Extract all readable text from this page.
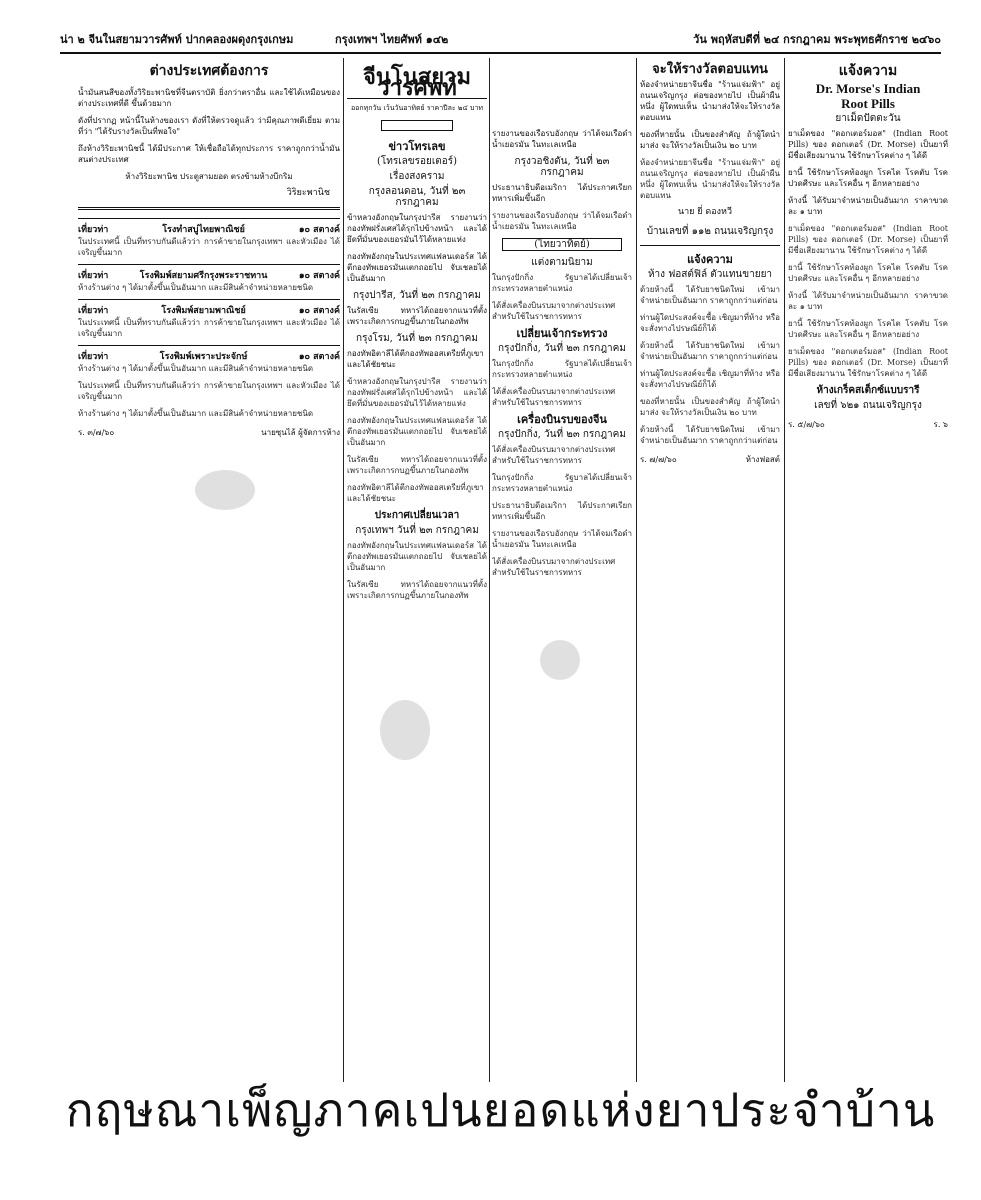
น่า ๒ จีนในสยามวารศัพท์ ปากคลองผดุงกรุงเกษม	กรุงเทพฯ ไทยศัพท์ ๑๔๒	วัน พฤหัสบดีที่ ๒๔ กรกฎาคม พระพุทธศักราช ๒๔๖๐
ต่างประเทศต้องการ

น้ำมันสนสีของทั้งวิริยะพานิชที่จีนตราบัติ ยิ่งกว่าตราอื่น และใช้ได้เหมือนของต่างประเทศที่ดี ขึ้นด้วยมาก

ดังที่ปรากฏ หน้านี้ในห้างของเรา ดังที่ให้ตรวจดูแล้ว ว่ามีคุณภาพดีเยี่ยม ตามที่ว่า "ได้รับรางวัลเป็นที่พอใจ"

ถึงห้างวิริยะพานิชนี้ ได้มีประกาศ ให้เชื่อถือได้ทุกประการ ราคาถูกกว่าน้ำมันสนต่างประเทศ

ห้างวิริยะพานิช ประตูสามยอด ตรงข้ามห้างบีกริม

วิริยะพานิช
เที่ยวท่า	โรงทำสบู่ไทยพาณิชย์	๑๐ สตางค์

ในประเทศนี้ เป็นที่ทราบกันดีแล้วว่า การค้าขายในกรุงเทพฯ และหัวเมือง ได้เจริญขึ้นมาก

เที่ยวท่า	โรงพิมพ์สยามศรีกรุงพระราชทาน	๑๐ สตางค์

ห้างร้านต่าง ๆ ได้มาตั้งขึ้นเป็นอันมาก และมีสินค้าจำหน่ายหลายชนิด

เที่ยวท่า	โรงพิมพ์สยามพาณิชย์	๑๐ สตางค์

ในประเทศนี้ เป็นที่ทราบกันดีแล้วว่า การค้าขายในกรุงเทพฯ และหัวเมือง ได้เจริญขึ้นมาก

เที่ยวท่า	โรงพิมพ์เพราะประจักษ์	๑๐ สตางค์

ห้างร้านต่าง ๆ ได้มาตั้งขึ้นเป็นอันมาก และมีสินค้าจำหน่ายหลายชนิด

ในประเทศนี้ เป็นที่ทราบกันดีแล้วว่า การค้าขายในกรุงเทพฯ และหัวเมือง ได้เจริญขึ้นมาก

ห้างร้านต่าง ๆ ได้มาตั้งขึ้นเป็นอันมาก และมีสินค้าจำหน่ายหลายชนิด

ร. ๓/๗/๖๐	นายซุนไล้ ผู้จัดการห้าง
จีนโนสยามวารศัพท์
ออกทุกวัน เว้นวันอาทิตย์ ราคาปีละ ๒๔ บาท
ข่าวโทรเลข
(โทรเลขรอยเตอร์)
เรื่องสงคราม
กรุงลอนดอน, วันที่ ๒๓ กรกฎาคม

ข้าหลวงอังกฤษในกรุงปารีส รายงานว่า กองทัพฝรั่งเศสได้รุกไปข้างหน้า และได้ยึดที่มั่นของเยอรมันไว้ได้หลายแห่ง

กองทัพอังกฤษในประเทศแฟลนเดอร์ส ได้ตีกองทัพเยอรมันแตกถอยไป จับเชลยได้เป็นอันมาก

กรุงปารีส, วันที่ ๒๓ กรกฎาคม

ในรัสเซีย ทหารได้ถอยจากแนวที่ตั้ง เพราะเกิดการกบฏขึ้นภายในกองทัพ

กรุงโรม, วันที่ ๒๓ กรกฎาคม

กองทัพอิตาลีได้ตีกองทัพออสเตรียที่ภูเขา และได้ชัยชนะ

ข้าหลวงอังกฤษในกรุงปารีส รายงานว่า กองทัพฝรั่งเศสได้รุกไปข้างหน้า และได้ยึดที่มั่นของเยอรมันไว้ได้หลายแห่ง

กองทัพอังกฤษในประเทศแฟลนเดอร์ส ได้ตีกองทัพเยอรมันแตกถอยไป จับเชลยได้เป็นอันมาก

ในรัสเซีย ทหารได้ถอยจากแนวที่ตั้ง เพราะเกิดการกบฏขึ้นภายในกองทัพ

กองทัพอิตาลีได้ตีกองทัพออสเตรียที่ภูเขา และได้ชัยชนะ

ประกาศเปลี่ยนเวลา
กรุงเทพฯ วันที่ ๒๓ กรกฎาคม

กองทัพอังกฤษในประเทศแฟลนเดอร์ส ได้ตีกองทัพเยอรมันแตกถอยไป จับเชลยได้เป็นอันมาก

ในรัสเซีย ทหารได้ถอยจากแนวที่ตั้ง เพราะเกิดการกบฏขึ้นภายในกองทัพ

รายงานของเรือรบอังกฤษ ว่าได้จมเรือดำน้ำเยอรมัน ในทะเลเหนือ

กรุงวอชิงตัน, วันที่ ๒๓ กรกฎาคม

ประธานาธิบดีอเมริกา ได้ประกาศเรียกทหารเพิ่มขึ้นอีก

รายงานของเรือรบอังกฤษ ว่าได้จมเรือดำน้ำเยอรมัน ในทะเลเหนือ

(ไทยวาทิตย์)
แต่งตามนิยาม

ในกรุงปักกิ่ง รัฐบาลได้เปลี่ยนเจ้ากระทรวงหลายตำแหน่ง

ได้สั่งเครื่องบินรบมาจากต่างประเทศ สำหรับใช้ในราชการทหาร

เปลี่ยนเจ้ากระทรวง
กรุงปักกิ่ง, วันที่ ๒๓ กรกฎาคม

ในกรุงปักกิ่ง รัฐบาลได้เปลี่ยนเจ้ากระทรวงหลายตำแหน่ง

ได้สั่งเครื่องบินรบมาจากต่างประเทศ สำหรับใช้ในราชการทหาร

เครื่องบินรบของจีน
กรุงปักกิ่ง, วันที่ ๒๓ กรกฎาคม

ได้สั่งเครื่องบินรบมาจากต่างประเทศ สำหรับใช้ในราชการทหาร

ในกรุงปักกิ่ง รัฐบาลได้เปลี่ยนเจ้ากระทรวงหลายตำแหน่ง

ประธานาธิบดีอเมริกา ได้ประกาศเรียกทหารเพิ่มขึ้นอีก

รายงานของเรือรบอังกฤษ ว่าได้จมเรือดำน้ำเยอรมัน ในทะเลเหนือ

ได้สั่งเครื่องบินรบมาจากต่างประเทศ สำหรับใช้ในราชการทหาร

จะให้รางวัลตอบแทน

ห้องจำหน่ายยาจีนชื่อ "ร้านแจ่มฟ้า" อยู่ถนนเจริญกรุง ต่อของหายไป เป็นผ้าผืนหนึ่ง ผู้ใดพบเห็น นำมาส่งให้จะให้รางวัลตอบแทน

ของที่หายนั้น เป็นของสำคัญ ถ้าผู้ใดนำมาส่ง จะให้รางวัลเป็นเงิน ๒๐ บาท

ห้องจำหน่ายยาจีนชื่อ "ร้านแจ่มฟ้า" อยู่ถนนเจริญกรุง ต่อของหายไป เป็นผ้าผืนหนึ่ง ผู้ใดพบเห็น นำมาส่งให้จะให้รางวัลตอบแทน

นาย ยี่ ดองหวี
บ้านเลขที่ ๑๑๒ ถนนเจริญกรุง
แจ้งความ
ห้าง ฟอสต์ฟิล์ ตัวแทนขายยา

ด้วยห้างนี้ ได้รับยาชนิดใหม่ เข้ามาจำหน่ายเป็นอันมาก ราคาถูกกว่าแต่ก่อน

ท่านผู้ใดประสงค์จะซื้อ เชิญมาที่ห้าง หรือจะสั่งทางไปรษณีย์ก็ได้

ด้วยห้างนี้ ได้รับยาชนิดใหม่ เข้ามาจำหน่ายเป็นอันมาก ราคาถูกกว่าแต่ก่อน

ท่านผู้ใดประสงค์จะซื้อ เชิญมาที่ห้าง หรือจะสั่งทางไปรษณีย์ก็ได้

ของที่หายนั้น เป็นของสำคัญ ถ้าผู้ใดนำมาส่ง จะให้รางวัลเป็นเงิน ๒๐ บาท

ด้วยห้างนี้ ได้รับยาชนิดใหม่ เข้ามาจำหน่ายเป็นอันมาก ราคาถูกกว่าแต่ก่อน

ร. ๗/๗/๖๐	ห้างฟอสต์
แจ้งความ
Dr. Morse's Indian
Root Pills
ยาเม็ดปัตตะวัน

ยาเม็ดของ "ดอกเตอร์มอส" (Indian Root Pills) ของ ดอกเตอร์ (Dr. Morse) เป็นยาที่มีชื่อเสียงมานาน ใช้รักษาโรคต่าง ๆ ได้ดี

ยานี้ ใช้รักษาโรคท้องผูก โรคไต โรคตับ โรคปวดศีรษะ และโรคอื่น ๆ อีกหลายอย่าง

ห้างนี้ ได้รับมาจำหน่ายเป็นอันมาก ราคาขวดละ ๑ บาท

ยาเม็ดของ "ดอกเตอร์มอส" (Indian Root Pills) ของ ดอกเตอร์ (Dr. Morse) เป็นยาที่มีชื่อเสียงมานาน ใช้รักษาโรคต่าง ๆ ได้ดี

ยานี้ ใช้รักษาโรคท้องผูก โรคไต โรคตับ โรคปวดศีรษะ และโรคอื่น ๆ อีกหลายอย่าง

ห้างนี้ ได้รับมาจำหน่ายเป็นอันมาก ราคาขวดละ ๑ บาท

ยานี้ ใช้รักษาโรคท้องผูก โรคไต โรคตับ โรคปวดศีรษะ และโรคอื่น ๆ อีกหลายอย่าง

ยาเม็ดของ "ดอกเตอร์มอส" (Indian Root Pills) ของ ดอกเตอร์ (Dr. Morse) เป็นยาที่มีชื่อเสียงมานาน ใช้รักษาโรคต่าง ๆ ได้ดี

ห้างเกร็คสเต็กซ์แบบรารี
เลขที่ ๖๒๑ ถนนเจริญกรุง
ร. ๕/๗/๖๐	ร. ๖
กฤษณาเพ็ญภาคเปนยอดแห่งยาประจำบ้าน
